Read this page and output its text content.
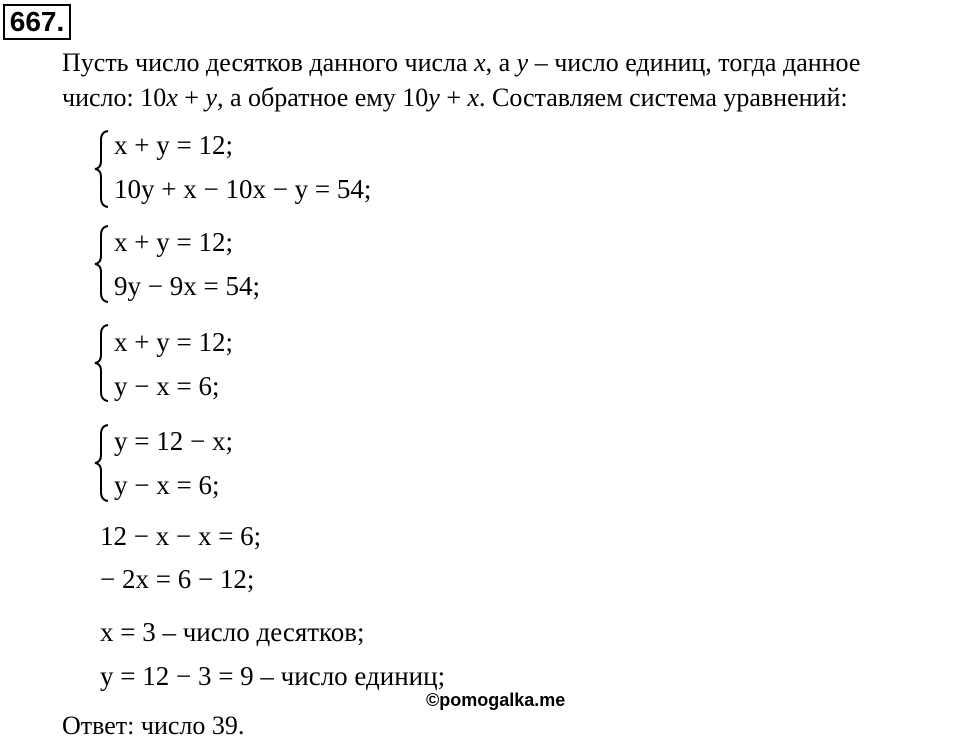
667.
Пусть число десятков данного числа x, а y – число единиц, тогда данное
число: 10x + y, а обратное ему 10y + x. Составляем система уравнений:
x + y = 12;
10y + x − 10x − y = 54;
x + y = 12;
9y − 9x = 54;
x + y = 12;
y − x = 6;
y = 12 − x;
y − x = 6;
12 − x − x = 6;
− 2x = 6 − 12;
x = 3 – число десятков;
y = 12 − 3 = 9 – число единиц;
Ответ: число 39.
©pomogalka.me
